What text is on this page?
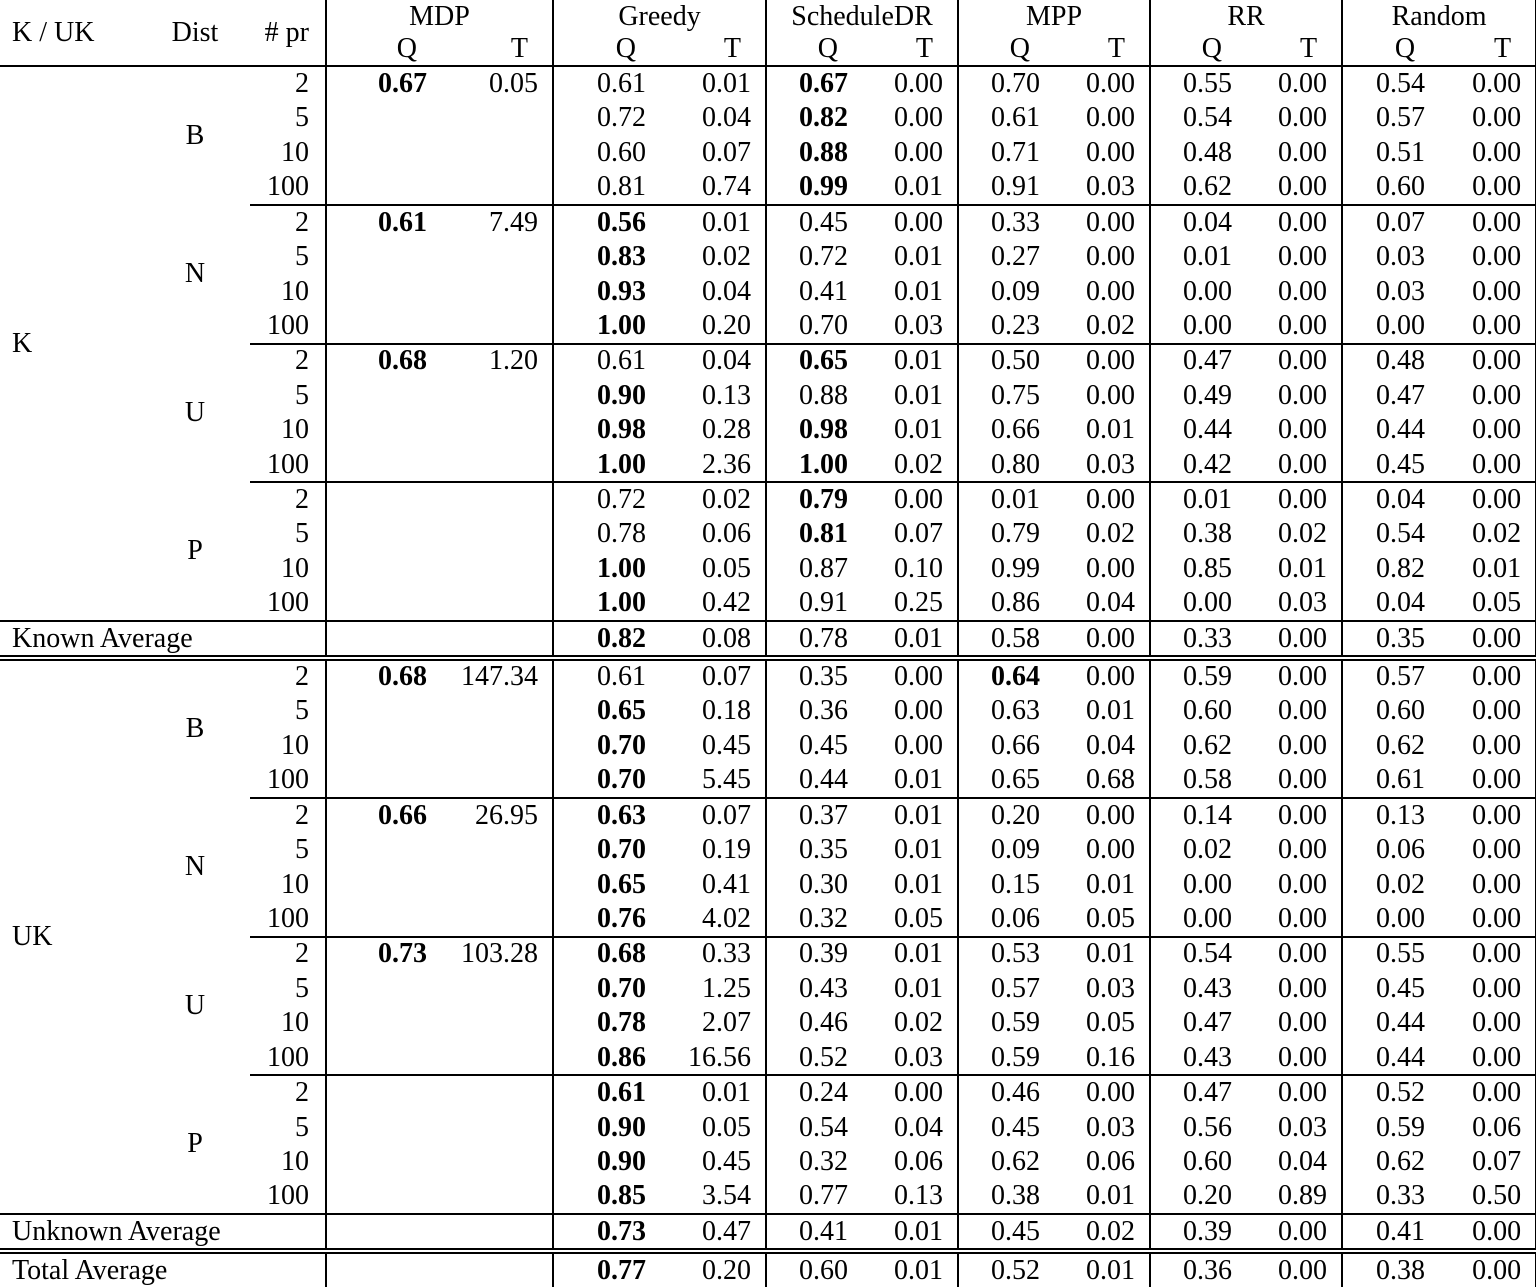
K / UK	Dist	# pr	MDP		Greedy		ScheduleDR		MPP		RR		Random	
			Q	T	Q	T	Q	T	Q	T	Q	T	Q	T
K	B	2	0.67	0.05	0.61	0.01	0.67	0.00	0.70	0.00	0.55	0.00	0.54	0.00
		5			0.72	0.04	0.82	0.00	0.61	0.00	0.54	0.00	0.57	0.00
		10			0.60	0.07	0.88	0.00	0.71	0.00	0.48	0.00	0.51	0.00
		100			0.81	0.74	0.99	0.01	0.91	0.03	0.62	0.00	0.60	0.00
	N	2	0.61	7.49	0.56	0.01	0.45	0.00	0.33	0.00	0.04	0.00	0.07	0.00
		5			0.83	0.02	0.72	0.01	0.27	0.00	0.01	0.00	0.03	0.00
		10			0.93	0.04	0.41	0.01	0.09	0.00	0.00	0.00	0.03	0.00
		100			1.00	0.20	0.70	0.03	0.23	0.02	0.00	0.00	0.00	0.00
	U	2	0.68	1.20	0.61	0.04	0.65	0.01	0.50	0.00	0.47	0.00	0.48	0.00
		5			0.90	0.13	0.88	0.01	0.75	0.00	0.49	0.00	0.47	0.00
		10			0.98	0.28	0.98	0.01	0.66	0.01	0.44	0.00	0.44	0.00
		100			1.00	2.36	1.00	0.02	0.80	0.03	0.42	0.00	0.45	0.00
	P	2			0.72	0.02	0.79	0.00	0.01	0.00	0.01	0.00	0.04	0.00
		5			0.78	0.06	0.81	0.07	0.79	0.02	0.38	0.02	0.54	0.02
		10			1.00	0.05	0.87	0.10	0.99	0.00	0.85	0.01	0.82	0.01
		100			1.00	0.42	0.91	0.25	0.86	0.04	0.00	0.03	0.04	0.05
Known Average					0.82	0.08	0.78	0.01	0.58	0.00	0.33	0.00	0.35	0.00
UK	B	2	0.68	147.34	0.61	0.07	0.35	0.00	0.64	0.00	0.59	0.00	0.57	0.00
		5			0.65	0.18	0.36	0.00	0.63	0.01	0.60	0.00	0.60	0.00
		10			0.70	0.45	0.45	0.00	0.66	0.04	0.62	0.00	0.62	0.00
		100			0.70	5.45	0.44	0.01	0.65	0.68	0.58	0.00	0.61	0.00
	N	2	0.66	26.95	0.63	0.07	0.37	0.01	0.20	0.00	0.14	0.00	0.13	0.00
		5			0.70	0.19	0.35	0.01	0.09	0.00	0.02	0.00	0.06	0.00
		10			0.65	0.41	0.30	0.01	0.15	0.01	0.00	0.00	0.02	0.00
		100			0.76	4.02	0.32	0.05	0.06	0.05	0.00	0.00	0.00	0.00
	U	2	0.73	103.28	0.68	0.33	0.39	0.01	0.53	0.01	0.54	0.00	0.55	0.00
		5			0.70	1.25	0.43	0.01	0.57	0.03	0.43	0.00	0.45	0.00
		10			0.78	2.07	0.46	0.02	0.59	0.05	0.47	0.00	0.44	0.00
		100			0.86	16.56	0.52	0.03	0.59	0.16	0.43	0.00	0.44	0.00
	P	2			0.61	0.01	0.24	0.00	0.46	0.00	0.47	0.00	0.52	0.00
		5			0.90	0.05	0.54	0.04	0.45	0.03	0.56	0.03	0.59	0.06
		10			0.90	0.45	0.32	0.06	0.62	0.06	0.60	0.04	0.62	0.07
		100			0.85	3.54	0.77	0.13	0.38	0.01	0.20	0.89	0.33	0.50
Unknown Average					0.73	0.47	0.41	0.01	0.45	0.02	0.39	0.00	0.41	0.00
Total Average					0.77	0.20	0.60	0.01	0.52	0.01	0.36	0.00	0.38	0.00
